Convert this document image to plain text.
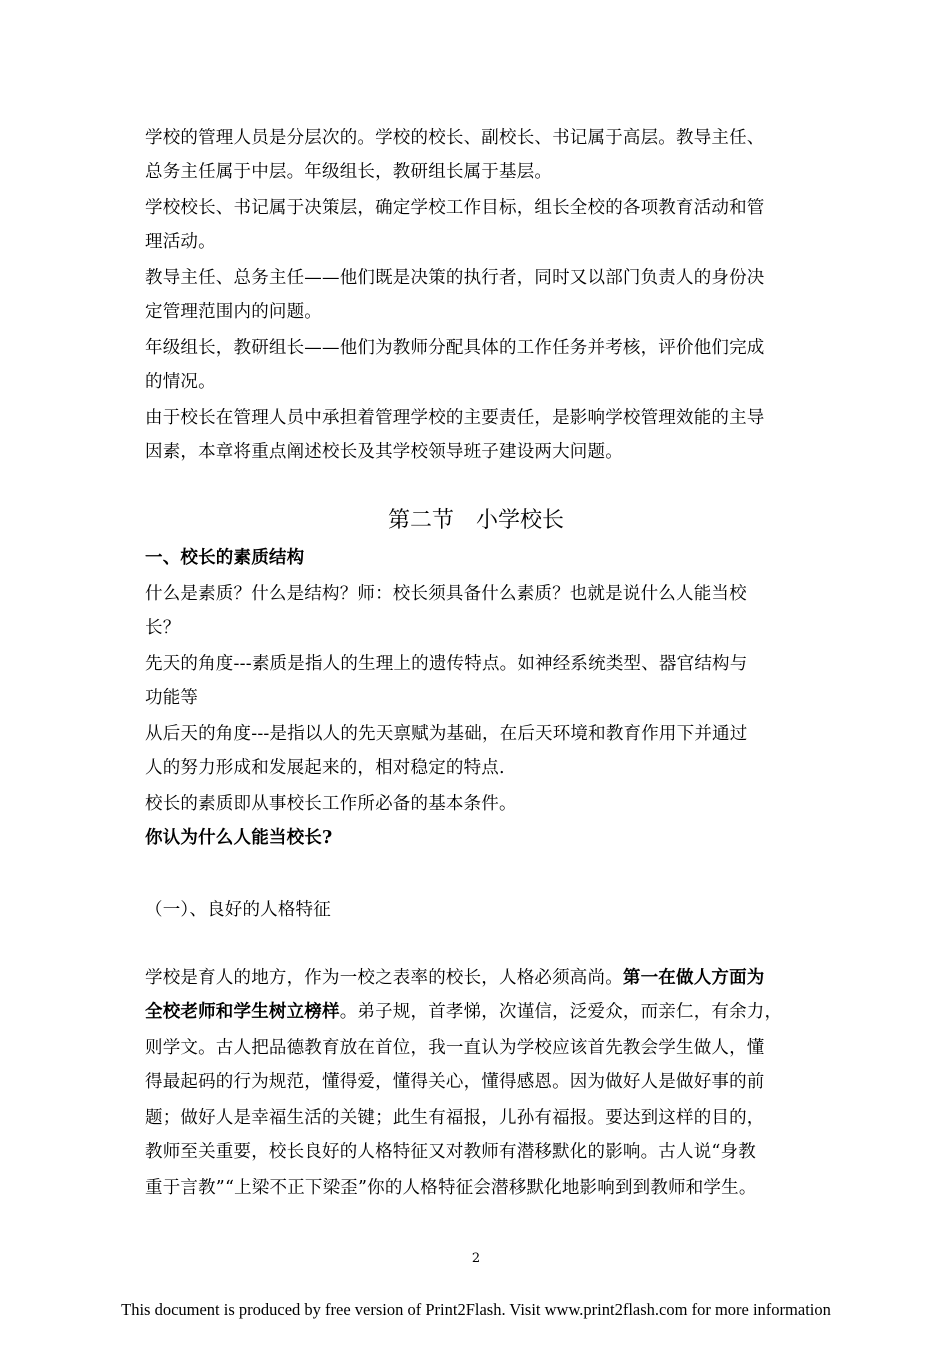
学校的管理人员是分层次的。学校的校长、副校长、书记属于高层。教导主任、
总务主任属于中层。年级组长，教研组长属于基层。
学校校长、书记属于决策层，确定学校工作目标，组长全校的各项教育活动和管
理活动。
教导主任、总务主任——他们既是决策的执行者，同时又以部门负责人的身份决
定管理范围内的问题。
年级组长，教研组长——他们为教师分配具体的工作任务并考核，评价他们完成
的情况。
由于校长在管理人员中承担着管理学校的主要责任，是影响学校管理效能的主导
因素，本章将重点阐述校长及其学校领导班子建设两大问题。
第二节　小学校长
一、校长的素质结构
什么是素质？什么是结构？师：校长须具备什么素质？也就是说什么人能当校
长？
先天的角度---素质是指人的生理上的遗传特点。如神经系统类型、器官结构与
功能等
从后天的角度---是指以人的先天禀赋为基础，在后天环境和教育作用下并通过
人的努力形成和发展起来的，相对稳定的特点.
校长的素质即从事校长工作所必备的基本条件。
你认为什么人能当校长?
（一）、良好的人格特征
学校是育人的地方，作为一校之表率的校长，人格必须高尚。第一在做人方面为
全校老师和学生树立榜样。弟子规，首孝悌，次谨信，泛爱众，而亲仁，有余力，
则学文。古人把品德教育放在首位，我一直认为学校应该首先教会学生做人，懂
得最起码的行为规范，懂得爱，懂得关心，懂得感恩。因为做好人是做好事的前
题；做好人是幸福生活的关键；此生有福报，儿孙有福报。要达到这样的目的，
教师至关重要，校长良好的人格特征又对教师有潜移默化的影响。古人说“身教
重于言教”“上梁不正下梁歪”你的人格特征会潜移默化地影响到到教师和学生。
2
This document is produced by free version of Print2Flash. Visit www.print2flash.com for more information
